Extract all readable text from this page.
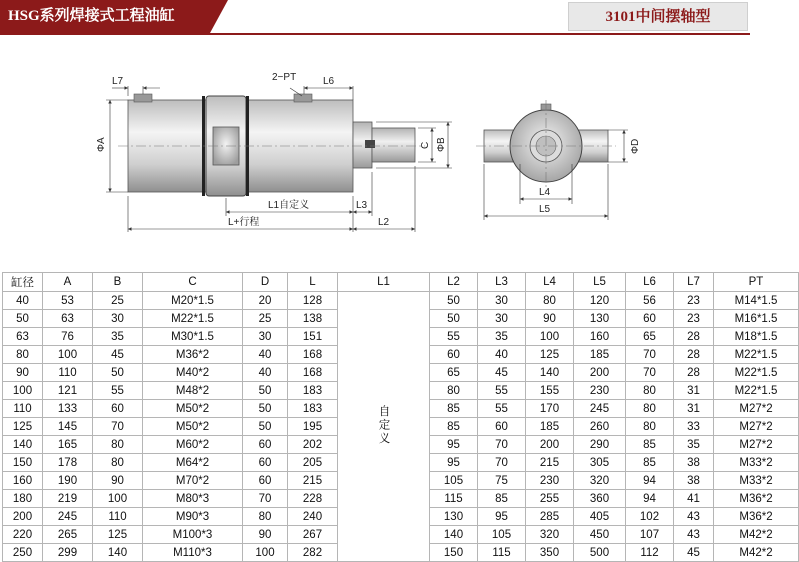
HSG系列焊接式工程油缸	3101中间摆轴型
L7	2−PT	L6
ΦA	C ΦB
L1自定义	L3
L+行程	L2
ΦD
L4
L5
缸径	A	B	C	D	L	L1	L2	L3	L4	L5	L6	L7	PT
40	53	25	M20*1.5	20	128	自定义	50	30	80	120	56	23	M14*1.5
50	63	30	M22*1.5	25	138		50	30	90	130	60	23	M16*1.5
63	76	35	M30*1.5	30	151		55	35	100	160	65	28	M18*1.5
80	100	45	M36*2	40	168		60	40	125	185	70	28	M22*1.5
90	110	50	M40*2	40	168		65	45	140	200	70	28	M22*1.5
100	121	55	M48*2	50	183		80	55	155	230	80	31	M22*1.5
110	133	60	M50*2	50	183		85	55	170	245	80	31	M27*2
125	145	70	M50*2	50	195		85	60	185	260	80	33	M27*2
140	165	80	M60*2	60	202		95	70	200	290	85	35	M27*2
150	178	80	M64*2	60	205		95	70	215	305	85	38	M33*2
160	190	90	M70*2	60	215		105	75	230	320	94	38	M33*2
180	219	100	M80*3	70	228		115	85	255	360	94	41	M36*2
200	245	110	M90*3	80	240		130	95	285	405	102	43	M36*2
220	265	125	M100*3	90	267		140	105	320	450	107	43	M42*2
250	299	140	M110*3	100	282		150	115	350	500	112	45	M42*2
